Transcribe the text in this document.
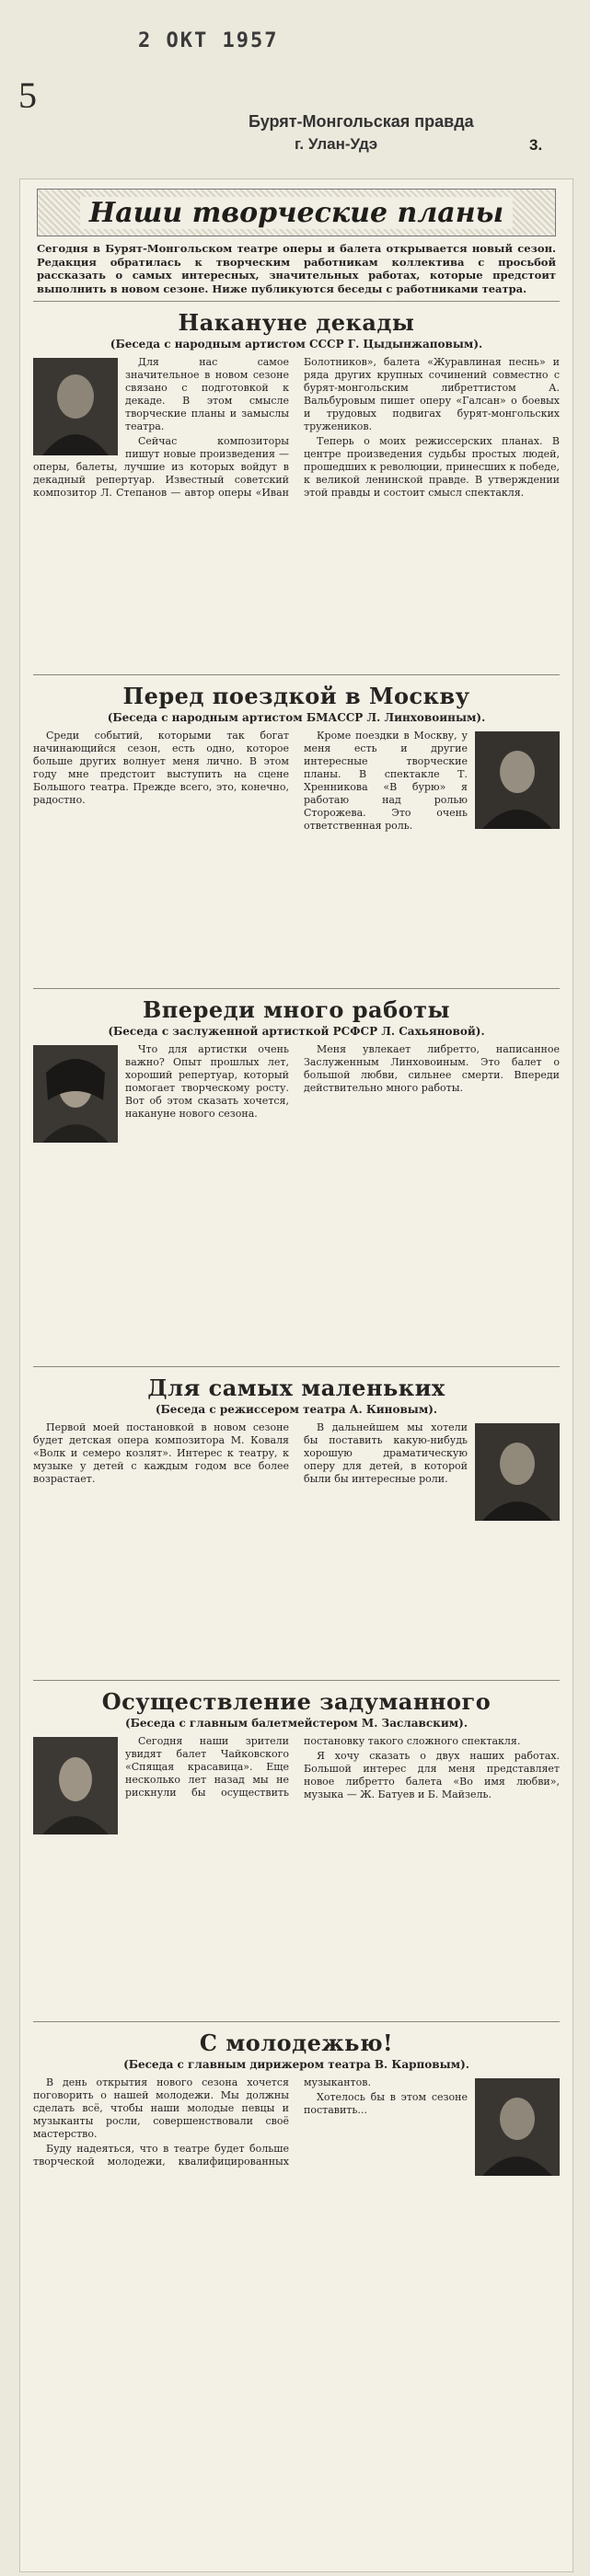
2 ОКТ 1957
5
Бурят-Монгольская правда
г. Улан-Удэ	3.
Наши творческие планы
Сегодня в Бурят-Монгольском театре оперы и балета открывается новый сезон. Редакция обратилась к творческим работникам коллектива с просьбой рассказать о самых интересных, значительных работах, которые предстоит выполнить в новом сезоне. Ниже публикуются беседы с работниками театра.
Накануне декады
(Беседа с народным артистом СССР Г. Цыдынжаповым).

Для нас самое значительное в новом сезоне связано с подготовкой к декаде. В этом смысле творческие планы и замыслы театра.

Сейчас композиторы пишут новые произведения — оперы, балеты, лучшие из которых войдут в декадный репертуар. Известный советский композитор Л. Степанов — автор оперы «Иван Болотников», балета «Журавлиная песнь» и ряда других крупных сочинений совместно с бурят-монгольским либреттистом А. Вальбуровым пишет оперу «Галсан» о боевых и трудовых подвигах бурят-монгольских тружеников.

Теперь о моих режиссерских планах. В центре произведения судьбы простых людей, прошедших к революции, принесших к победе, к великой ленинской правде. В утверждении этой правды и состоит смысл спектакля.

Перед поездкой в Москву
(Беседа с народным артистом БМАССР Л. Линховоиным).

Среди событий, которыми так богат начинающийся сезон, есть одно, которое больше других волнует меня лично. В этом году мне предстоит выступить на сцене Большого театра. Прежде всего, это, конечно, радостно.

Кроме поездки в Москву, у меня есть и другие интересные творческие планы. В спектакле Т. Хренникова «В бурю» я работаю над ролью Сторожева. Это очень ответственная роль.

Впереди много работы
(Беседа с заслуженной артисткой РСФСР Л. Сахьяновой).

Что для артистки очень важно? Опыт прошлых лет, хороший репертуар, который помогает творческому росту. Вот об этом сказать хочется, накануне нового сезона.

Меня увлекает либретто, написанное Заслуженным Линховоиным. Это балет о большой любви, сильнее смерти. Впереди действительно много работы.

Для самых маленьких
(Беседа с режиссером театра А. Киновым).

Первой моей постановкой в новом сезоне будет детская опера композитора М. Коваля «Волк и семеро козлят». Интерес к театру, к музыке у детей с каждым годом все более возрастает.

В дальнейшем мы хотели бы поставить какую-нибудь хорошую драматическую оперу для детей, в которой были бы интересные роли.

Осуществление задуманного
(Беседа с главным балетмейстером М. Заславским).

Сегодня наши зрители увидят балет Чайковского «Спящая красавица». Еще несколько лет назад мы не рискнули бы осуществить постановку такого сложного спектакля.

Я хочу сказать о двух наших работах. Большой интерес для меня представляет новое либретто балета «Во имя любви», музыка — Ж. Батуев и Б. Майзель.

С молодежью!
(Беседа с главным дирижером театра В. Карповым).

В день открытия нового сезона хочется поговорить о нашей молодежи. Мы должны сделать всё, чтобы наши молодые певцы и музыканты росли, совершенствовали своё мастерство.

Буду надеяться, что в театре будет больше творческой молодежи, квалифицированных музыкантов.

Хотелось бы в этом сезоне поставить...
